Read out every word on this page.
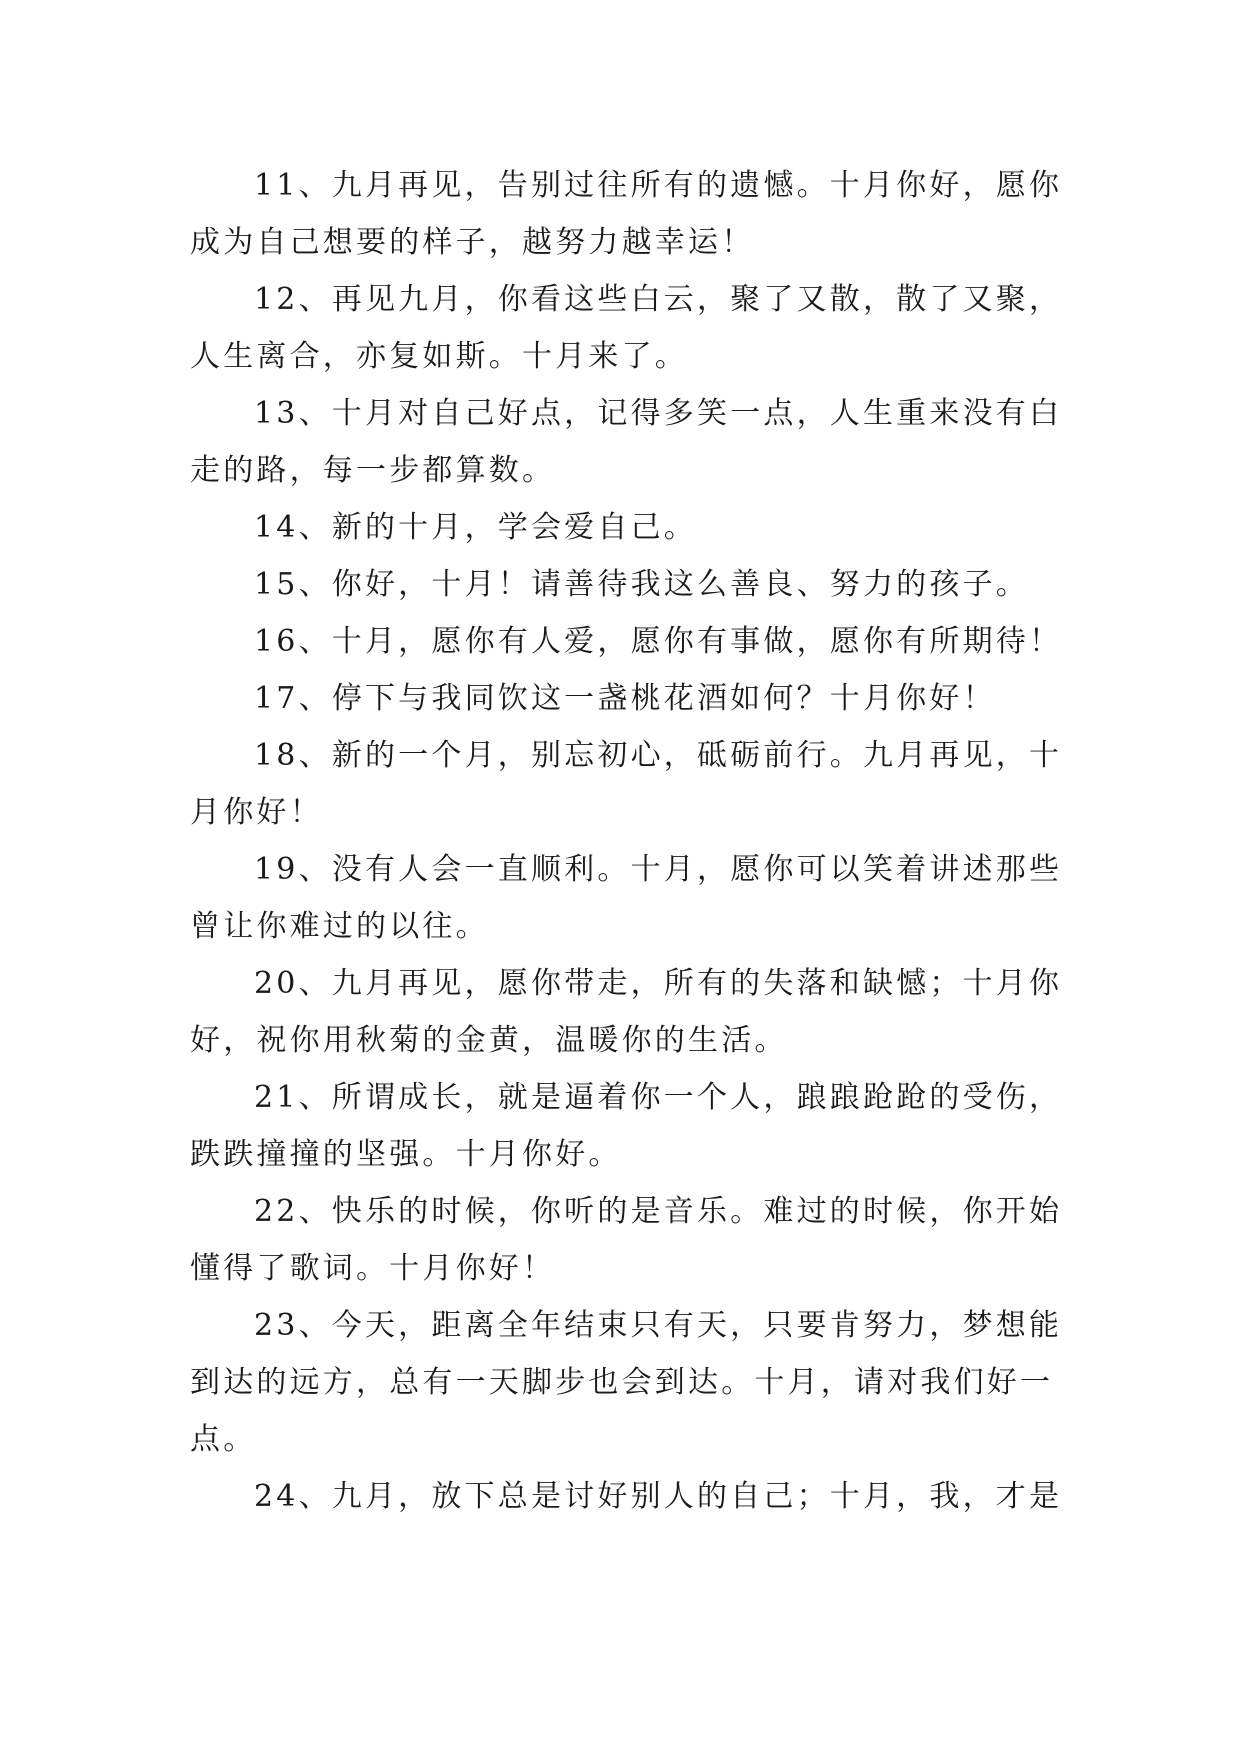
11、九月再见，告别过往所有的遗憾。十月你好，愿你成为自己想要的样子，越努力越幸运！

12、再见九月，你看这些白云，聚了又散，散了又聚，人生离合，亦复如斯。十月来了。

13、十月对自己好点，记得多笑一点，人生重来没有白走的路，每一步都算数。

14、新的十月，学会爱自己。

15、你好，十月！请善待我这么善良、努力的孩子。

16、十月，愿你有人爱，愿你有事做，愿你有所期待！

17、停下与我同饮这一盏桃花酒如何？十月你好！

18、新的一个月，别忘初心，砥砺前行。九月再见，十月你好！

19、没有人会一直顺利。十月，愿你可以笑着讲述那些曾让你难过的以往。

20、九月再见，愿你带走，所有的失落和缺憾；十月你好，祝你用秋菊的金黄，温暖你的生活。

21、所谓成长，就是逼着你一个人，踉踉跄跄的受伤，跌跌撞撞的坚强。十月你好。

22、快乐的时候，你听的是音乐。难过的时候，你开始懂得了歌词。十月你好！

23、今天，距离全年结束只有天，只要肯努力，梦想能到达的远方，总有一天脚步也会到达。十月，请对我们好一点。

24、九月，放下总是讨好别人的自己；十月，我，才是
